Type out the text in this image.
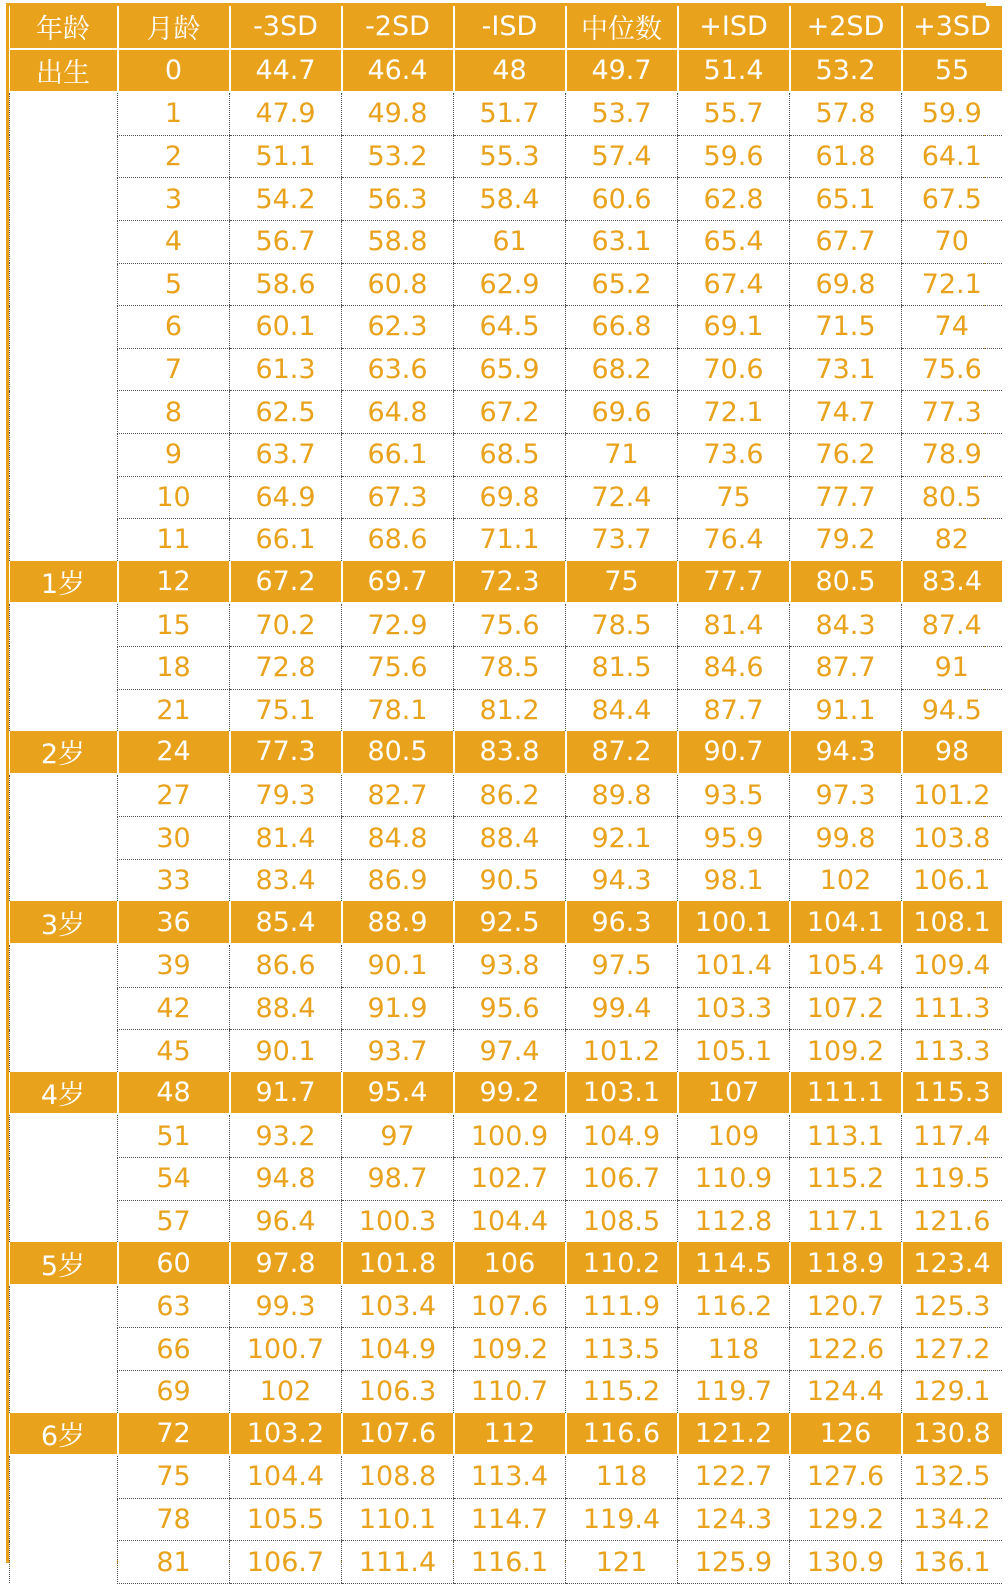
年龄	月龄	-3SD	-2SD	-ISD	中位数	+ISD	+2SD	+3SD
出生	0	44.7	46.4	48	49.7	51.4	53.2	55
	1	47.9	49.8	51.7	53.7	55.7	57.8	59.9
	2	51.1	53.2	55.3	57.4	59.6	61.8	64.1
	3	54.2	56.3	58.4	60.6	62.8	65.1	67.5
	4	56.7	58.8	61	63.1	65.4	67.7	70
	5	58.6	60.8	62.9	65.2	67.4	69.8	72.1
	6	60.1	62.3	64.5	66.8	69.1	71.5	74
	7	61.3	63.6	65.9	68.2	70.6	73.1	75.6
	8	62.5	64.8	67.2	69.6	72.1	74.7	77.3
	9	63.7	66.1	68.5	71	73.6	76.2	78.9
	10	64.9	67.3	69.8	72.4	75	77.7	80.5
	11	66.1	68.6	71.1	73.7	76.4	79.2	82
1岁	12	67.2	69.7	72.3	75	77.7	80.5	83.4
	15	70.2	72.9	75.6	78.5	81.4	84.3	87.4
	18	72.8	75.6	78.5	81.5	84.6	87.7	91
	21	75.1	78.1	81.2	84.4	87.7	91.1	94.5
2岁	24	77.3	80.5	83.8	87.2	90.7	94.3	98
	27	79.3	82.7	86.2	89.8	93.5	97.3	101.2
	30	81.4	84.8	88.4	92.1	95.9	99.8	103.8
	33	83.4	86.9	90.5	94.3	98.1	102	106.1
3岁	36	85.4	88.9	92.5	96.3	100.1	104.1	108.1
	39	86.6	90.1	93.8	97.5	101.4	105.4	109.4
	42	88.4	91.9	95.6	99.4	103.3	107.2	111.3
	45	90.1	93.7	97.4	101.2	105.1	109.2	113.3
4岁	48	91.7	95.4	99.2	103.1	107	111.1	115.3
	51	93.2	97	100.9	104.9	109	113.1	117.4
	54	94.8	98.7	102.7	106.7	110.9	115.2	119.5
	57	96.4	100.3	104.4	108.5	112.8	117.1	121.6
5岁	60	97.8	101.8	106	110.2	114.5	118.9	123.4
	63	99.3	103.4	107.6	111.9	116.2	120.7	125.3
	66	100.7	104.9	109.2	113.5	118	122.6	127.2
	69	102	106.3	110.7	115.2	119.7	124.4	129.1
6岁	72	103.2	107.6	112	116.6	121.2	126	130.8
	75	104.4	108.8	113.4	118	122.7	127.6	132.5
	78	105.5	110.1	114.7	119.4	124.3	129.2	134.2
	81	106.7	111.4	116.1	121	125.9	130.9	136.1
